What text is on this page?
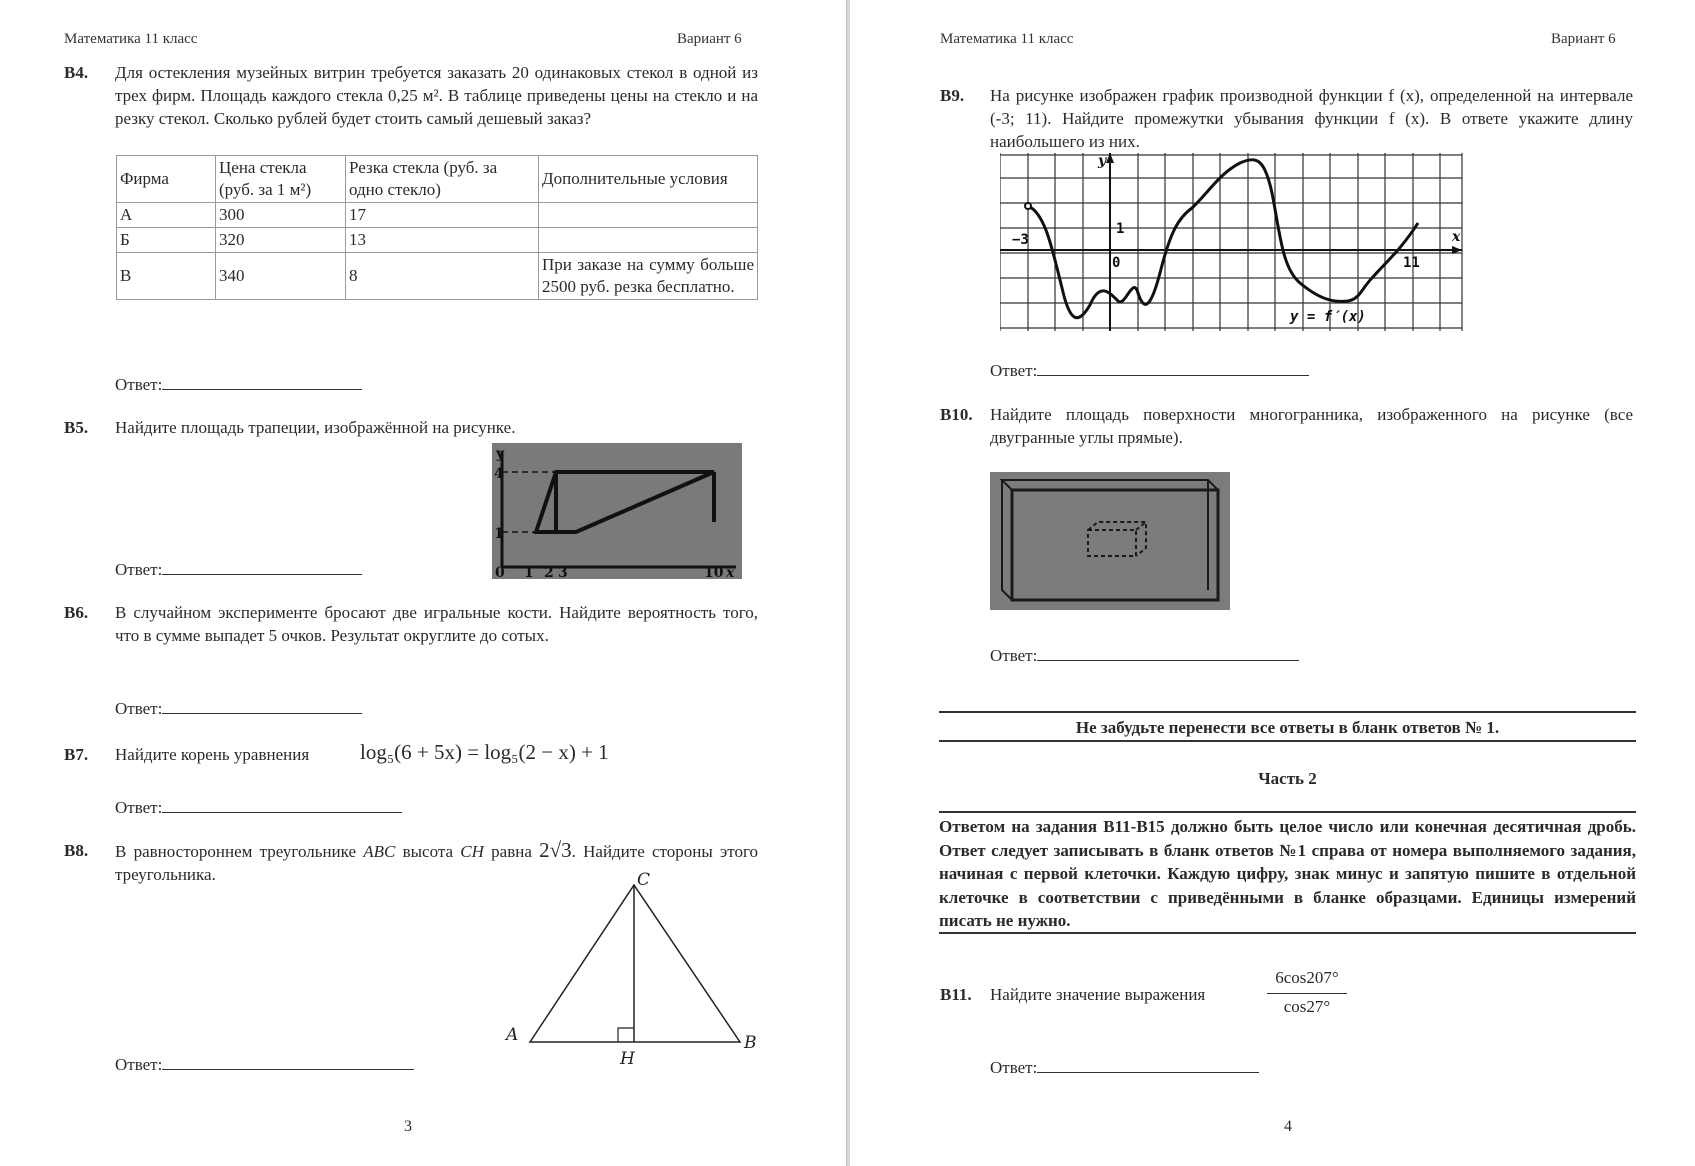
Математика 11 класс	Вариант 6
B4. Для остекления музейных витрин требуется заказать 20 одинаковых стекол в одной из трех фирм. Площадь каждого стекла 0,25 м². В таблице приведены цены на стекло и на резку стекол. Сколько рублей будет стоить самый дешевый заказ?
Фирма	Цена стекла (руб. за 1 м²)	Резка стекла (руб. за одно стекло)	Дополнительные условия
А	300	17	
Б	320	13	
В	340	8	При заказе на сумму больше 2500 руб. резка бесплатно.
Ответ:
B5. Найдите площадь трапеции, изображённой на рисунке.
y
4
1
0 1 2 3	10 x
Ответ:
B6. В случайном эксперименте бросают две игральные кости. Найдите вероятность того, что в сумме выпадет 5 очков. Результат округлите до сотых.
Ответ:
B7. Найдите корень уравнения log₅(6 + 5x) = log₅(2 − x) + 1
Ответ:
B8. В равностороннем треугольнике ABC высота CH равна 2√3. Найдите стороны этого треугольника.	C
A	B
H
Ответ:
3
Математика 11 класс	Вариант 6
B9. На рисунке изображен график производной функции f (x), определенной на интервале (-3; 11). Найдите промежутки убывания функции f (x). В ответе укажите длину наибольшего из них.
y
x
−3
1
0	11
y = f′(x)
Ответ:
B10. Найдите площадь поверхности многогранника, изображенного на рисунке (все двугранные углы прямые).
Ответ:
Не забудьте перенести все ответы в бланк ответов № 1.
Часть 2
Ответом на задания B11-B15 должно быть целое число или конечная десятичная дробь. Ответ следует записывать в бланк ответов №1 справа от номера выполняемого задания, начиная с первой клеточки. Каждую цифру, знак минус и запятую пишите в отдельной клеточке в соответствии с приведёнными в бланке образцами. Единицы измерений писать не нужно.
B11. Найдите значение выражения
6cos207°
cos27°
Ответ:
4
